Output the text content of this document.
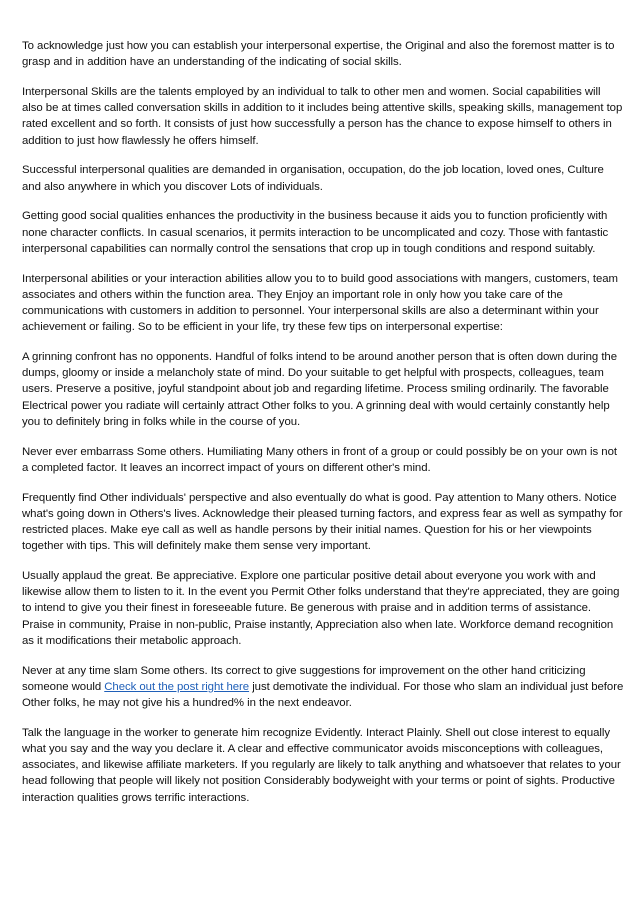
To acknowledge just how you can establish your interpersonal expertise, the Original and also the foremost matter is to grasp and in addition have an understanding of the indicating of social skills.

Interpersonal Skills are the talents employed by an individual to talk to other men and women. Social capabilities will also be at times called conversation skills in addition to it includes being attentive skills, speaking skills, management top rated excellent and so forth. It consists of just how successfully a person has the chance to expose himself to others in addition to just how flawlessly he offers himself.

Successful interpersonal qualities are demanded in organisation, occupation, do the job location, loved ones, Culture and also anywhere in which you discover Lots of individuals.

Getting good social qualities enhances the productivity in the business because it aids you to function proficiently with none character conflicts. In casual scenarios, it permits interaction to be uncomplicated and cozy. Those with fantastic interpersonal capabilities can normally control the sensations that crop up in tough conditions and respond suitably.

Interpersonal abilities or your interaction abilities allow you to to build good associations with mangers, customers, team associates and others within the function area. They Enjoy an important role in only how you take care of the communications with customers in addition to personnel. Your interpersonal skills are also a determinant within your achievement or failing. So to be efficient in your life, try these few tips on interpersonal expertise:

A grinning confront has no opponents. Handful of folks intend to be around another person that is often down during the dumps, gloomy or inside a melancholy state of mind. Do your suitable to get helpful with prospects, colleagues, team users. Preserve a positive, joyful standpoint about job and regarding lifetime. Process smiling ordinarily. The favorable Electrical power you radiate will certainly attract Other folks to you. A grinning deal with would certainly constantly help you to definitely bring in folks while in the course of you.

Never ever embarrass Some others. Humiliating Many others in front of a group or could possibly be on your own is not a completed factor. It leaves an incorrect impact of yours on different other's mind.

Frequently find Other individuals' perspective and also eventually do what is good. Pay attention to Many others. Notice what's going down in Others's lives. Acknowledge their pleased turning factors, and express fear as well as sympathy for restricted places. Make eye call as well as handle persons by their initial names. Question for his or her viewpoints together with tips. This will definitely make them sense very important.

Usually applaud the great. Be appreciative. Explore one particular positive detail about everyone you work with and likewise allow them to listen to it. In the event you Permit Other folks understand that they're appreciated, they are going to intend to give you their finest in foreseeable future. Be generous with praise and in addition terms of assistance. Praise in community, Praise in non-public, Praise instantly, Appreciation also when late. Workforce demand recognition as it modifications their metabolic approach.

Never at any time slam Some others. Its correct to give suggestions for improvement on the other hand criticizing someone would Check out the post right here just demotivate the individual. For those who slam an individual just before Other folks, he may not give his a hundred% in the next endeavor.

Talk the language in the worker to generate him recognize Evidently. Interact Plainly. Shell out close interest to equally what you say and the way you declare it. A clear and effective communicator avoids misconceptions with colleagues, associates, and likewise affiliate marketers. If you regularly are likely to talk anything and whatsoever that relates to your head following that people will likely not position Considerably bodyweight with your terms or point of sights. Productive interaction qualities grows terrific interactions.
